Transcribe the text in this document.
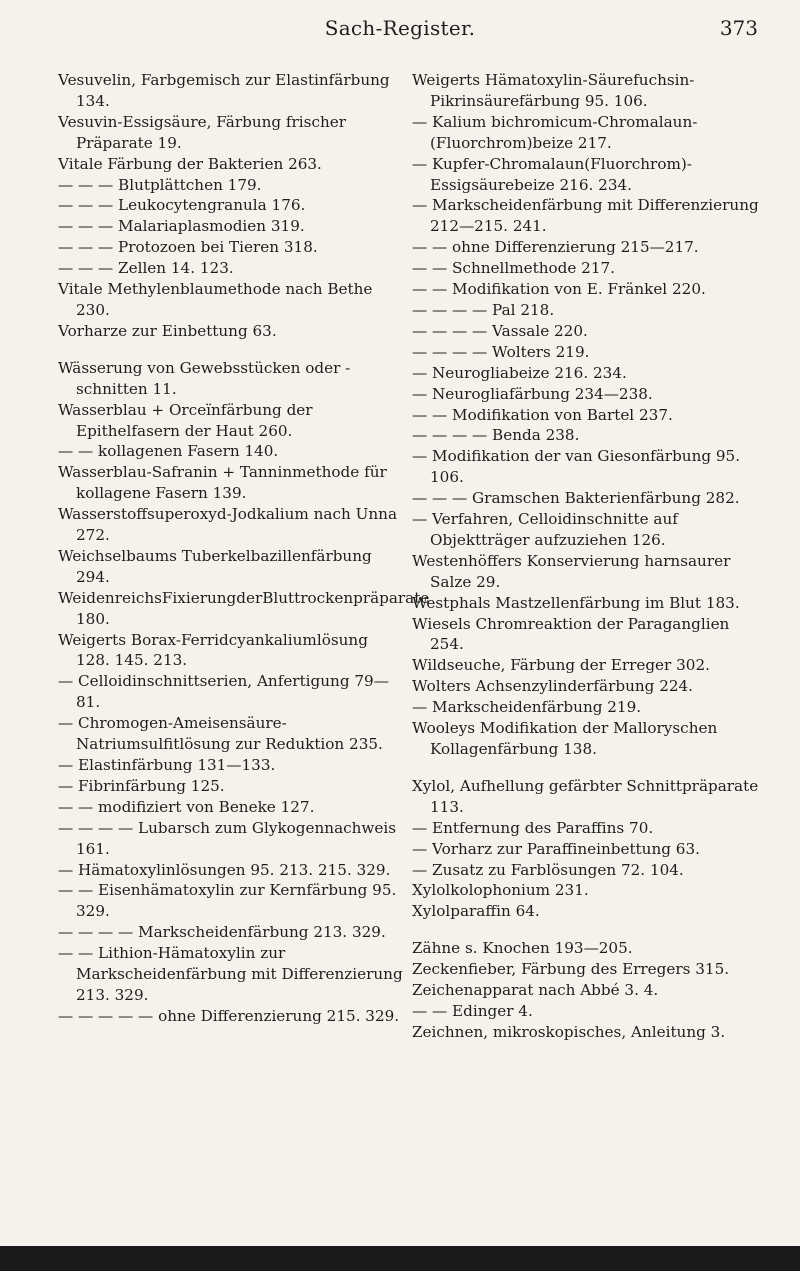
Sach-Register.	373

Vesuvelin, Farbgemisch zur Elastinfärbung 134.

Vesuvin-Essigsäure, Färbung frischer Präparate 19.

Vitale Färbung der Bakterien 263.

— — — Blutplättchen 179.

— — — Leukocytengranula 176.

— — — Malariaplasmodien 319.

— — — Protozoen bei Tieren 318.

— — — Zellen 14. 123.

Vitale Methylenblaumethode nach Bethe 230.

Vorharze zur Einbettung 63.

Wässerung von Gewebsstücken oder -schnitten 11.

Wasserblau + Orceïnfärbung der Epithelfasern der Haut 260.

— — kollagenen Fasern 140.

Wasserblau-Safranin + Tanninmethode für kollagene Fasern 139.

Wasserstoffsuperoxyd-Jodkalium nach Unna 272.

Weichselbaums Tuberkelbazillenfärbung 294.

WeidenreichsFixierungderBluttrockenpräparate 180.

Weigerts Borax-Ferridcyankaliumlösung 128. 145. 213.

— Celloidinschnittserien, Anfertigung 79—81.

— Chromogen-Ameisensäure-Natriumsulfitlösung zur Reduktion 235.

— Elastinfärbung 131—133.

— Fibrinfärbung 125.

— — modifiziert von Beneke 127.

— — — — Lubarsch zum Glykogennachweis 161.

— Hämatoxylinlösungen 95. 213. 215. 329.

— — Eisenhämatoxylin zur Kernfärbung 95. 329.

— — — — Markscheidenfärbung 213. 329.

— — Lithion-Hämatoxylin zur Markscheidenfärbung mit Differenzierung 213. 329.

— — — — — ohne Differenzierung 215. 329.

Weigerts Hämatoxylin-Säurefuchsin-Pikrinsäurefärbung 95. 106.

— Kalium bichromicum-Chromalaun-(Fluorchrom)beize 217.

— Kupfer-Chromalaun(Fluorchrom)-Essigsäurebeize 216. 234.

— Markscheidenfärbung mit Differenzierung 212—215. 241.

— — ohne Differenzierung 215—217.

— — Schnellmethode 217.

— — Modifikation von E. Fränkel 220.

— — — — Pal 218.

— — — — Vassale 220.

— — — — Wolters 219.

— Neurogliabeize 216. 234.

— Neurogliafärbung 234—238.

— — Modifikation von Bartel 237.

— — — — Benda 238.

— Modifikation der van Giesonfärbung 95. 106.

— — — Gramschen Bakterienfärbung 282.

— Verfahren, Celloidinschnitte auf Objektträger aufzuziehen 126.

Westenhöffers Konservierung harnsaurer Salze 29.

Westphals Mastzellenfärbung im Blut 183.

Wiesels Chromreaktion der Paraganglien 254.

Wildseuche, Färbung der Erreger 302.

Wolters Achsenzylinderfärbung 224.

— Markscheidenfärbung 219.

Wooleys Modifikation der Malloryschen Kollagenfärbung 138.

Xylol, Aufhellung gefärbter Schnittpräparate 113.

— Entfernung des Paraffins 70.

— Vorharz zur Paraffineinbettung 63.

— Zusatz zu Farblösungen 72. 104.

Xylolkolophonium 231.

Xylolparaffin 64.

Zähne s. Knochen 193—205.

Zeckenfieber, Färbung des Erregers 315.

Zeichenapparat nach Abbé 3. 4.

— — Edinger 4.

Zeichnen, mikroskopisches, Anleitung 3.
